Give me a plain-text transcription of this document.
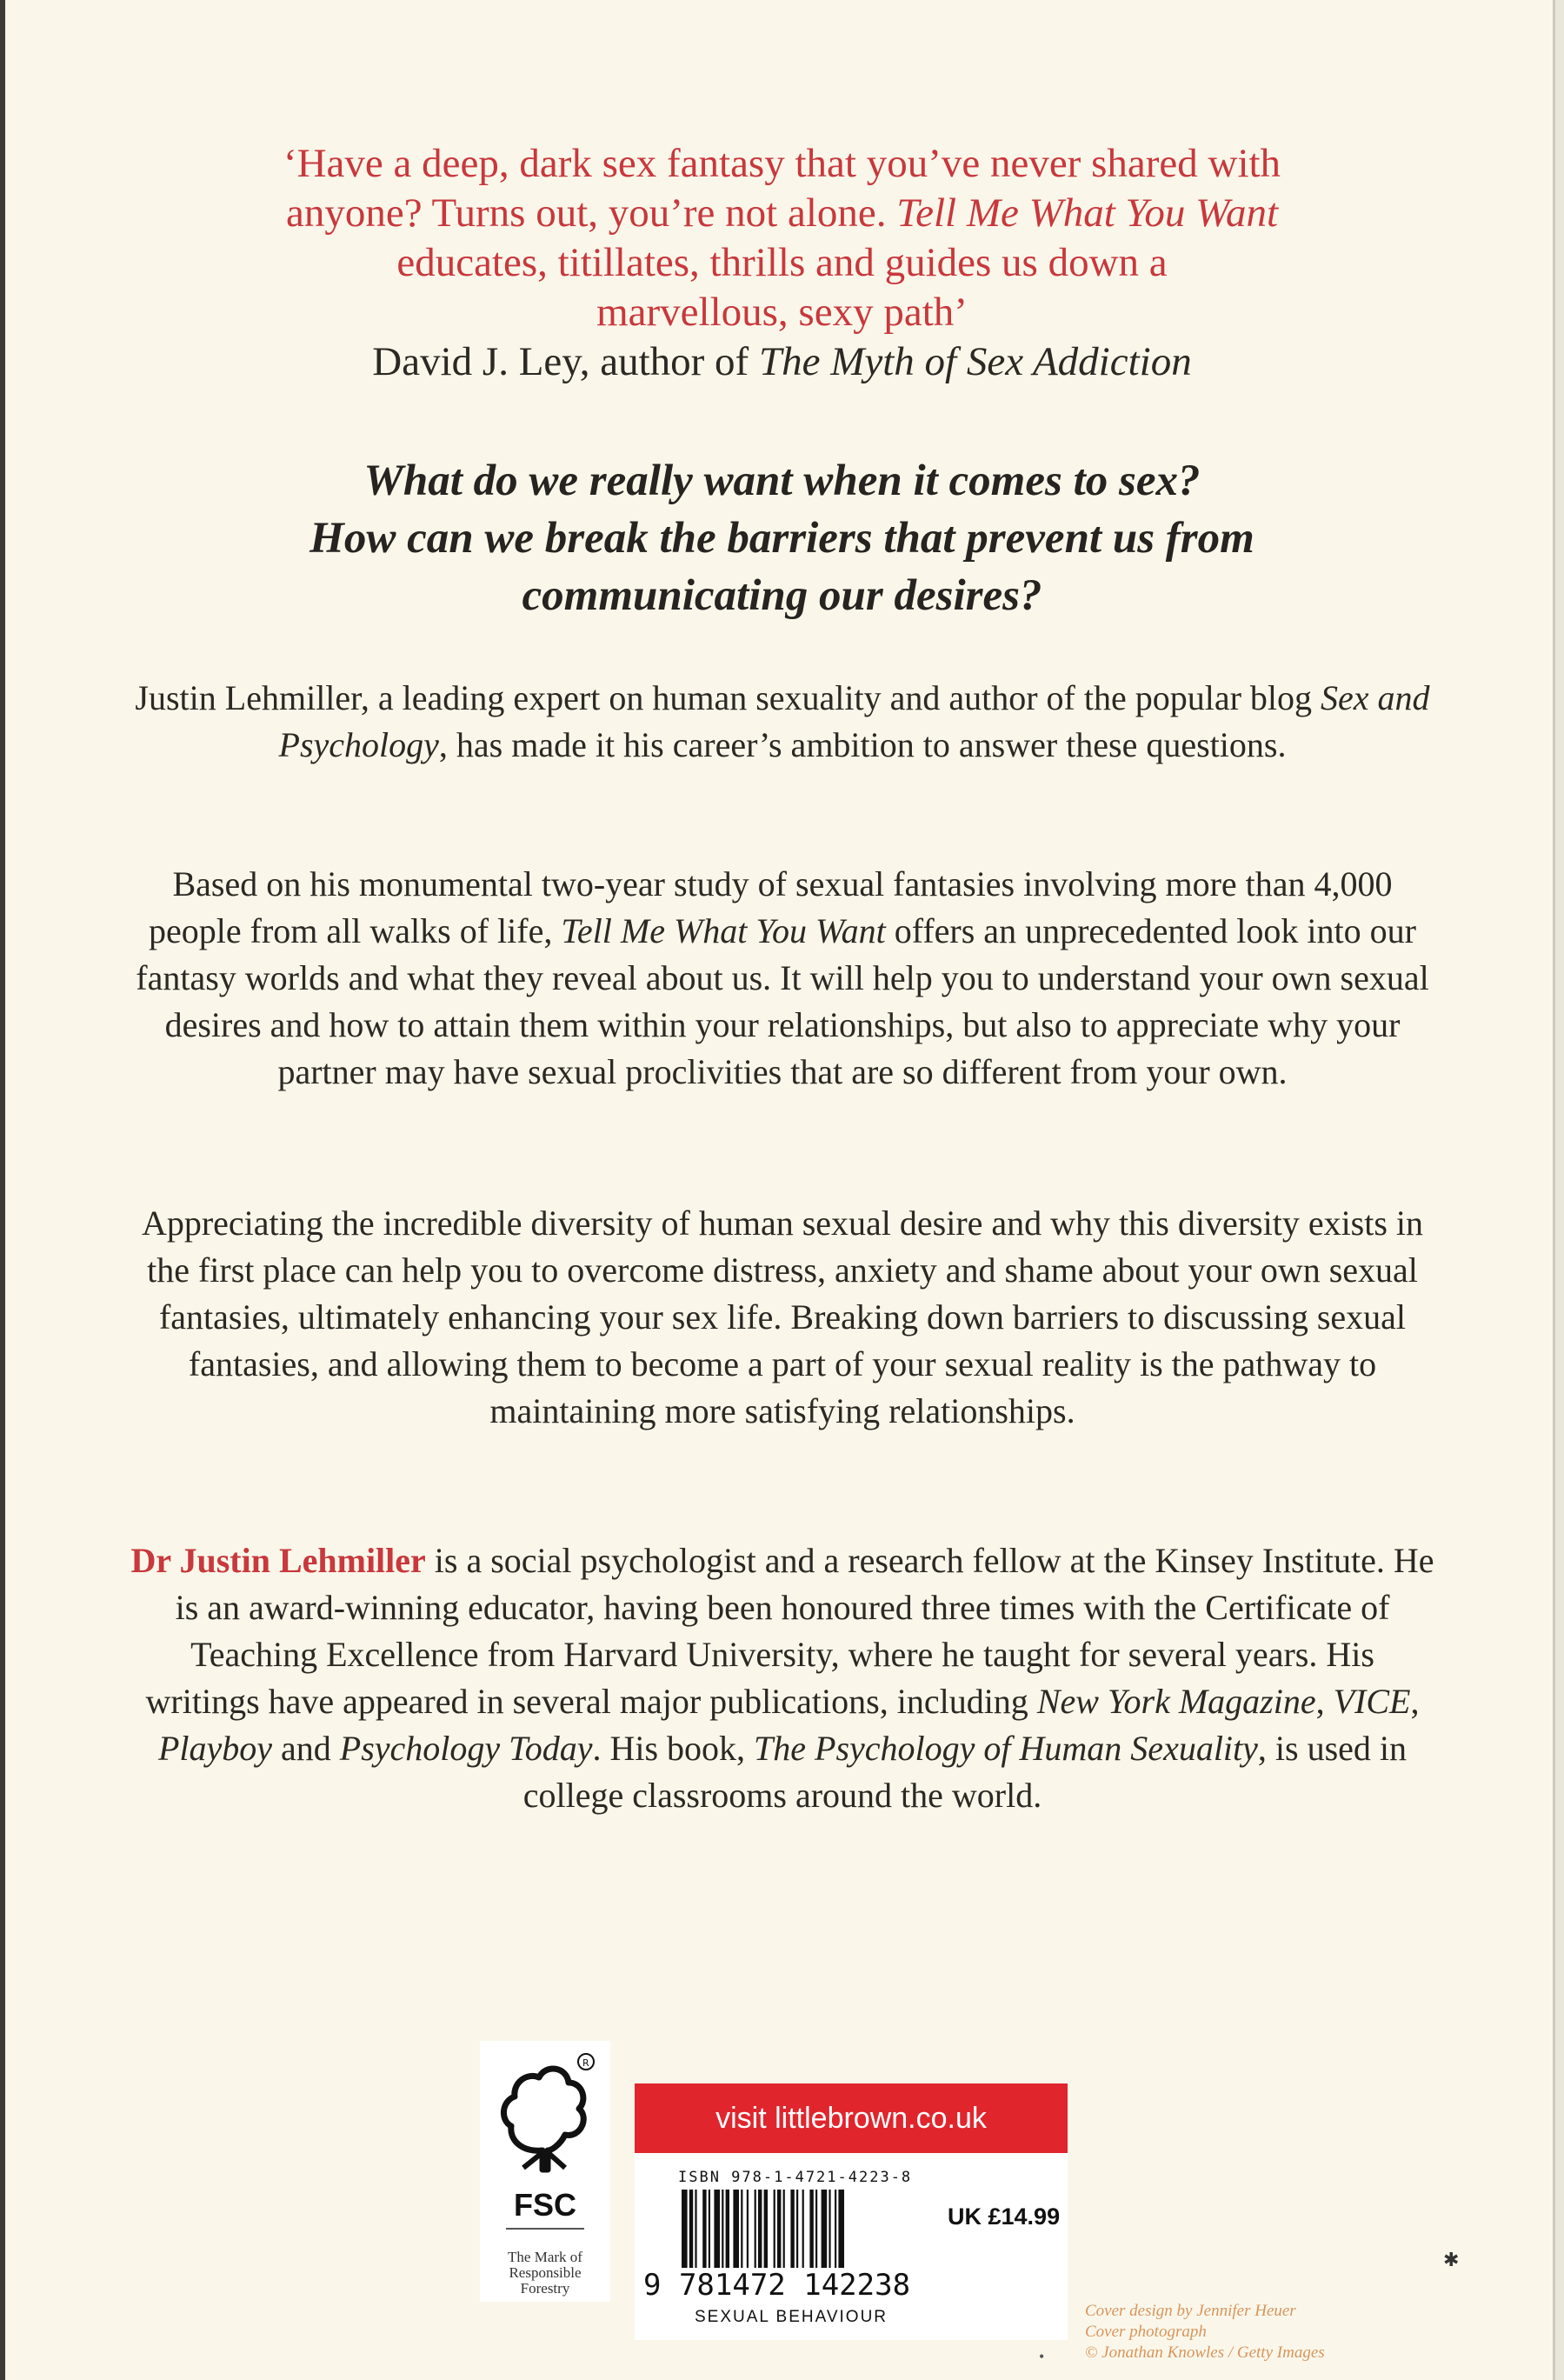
‘Have a deep, dark sex fantasy that you’ve never shared with
anyone? Turns out, you’re not alone. Tell Me What You Want
educates, titillates, thrills and guides us down a
marvellous, sexy path’
David J. Ley, author of The Myth of Sex Addiction
What do we really want when it comes to sex?
How can we break the barriers that prevent us from
communicating our desires?
Justin Lehmiller, a leading expert on human sexuality and author of the popular blog Sex and Psychology, has made it his career’s ambition to answer these questions.
Based on his monumental two-year study of sexual fantasies involving more than 4,000 people from all walks of life, Tell Me What You Want offers an unprecedented look into our fantasy worlds and what they reveal about us. It will help you to understand your own sexual desires and how to attain them within your relationships, but also to appreciate why your partner may have sexual proclivities that are so different from your own.
Appreciating the incredible diversity of human sexual desire and why this diversity exists in the first place can help you to overcome distress, anxiety and shame about your own sexual fantasies, ultimately enhancing your sex life. Breaking down barriers to discussing sexual fantasies, and allowing them to become a part of your sexual reality is the pathway to maintaining more satisfying relationships.
Dr Justin Lehmiller is a social psychologist and a research fellow at the Kinsey Institute. He is an award-winning educator, having been honoured three times with the Certificate of Teaching Excellence from Harvard University, where he taught for several years. His writings have appeared in several major publications, including New York Magazine, VICE, Playboy and Psychology Today. His book, The Psychology of Human Sexuality, is used in college classrooms around the world.
R
FSC
The Mark of
Responsible
Forestry
visit littlebrown.co.uk
ISBN 978-1-4721-4223-8
9 781472 142238
UK £14.99
SEXUAL BEHAVIOUR	Cover design by Jennifer Heuer
Cover photograph
© Jonathan Knowles / Getty Images
✱
•
